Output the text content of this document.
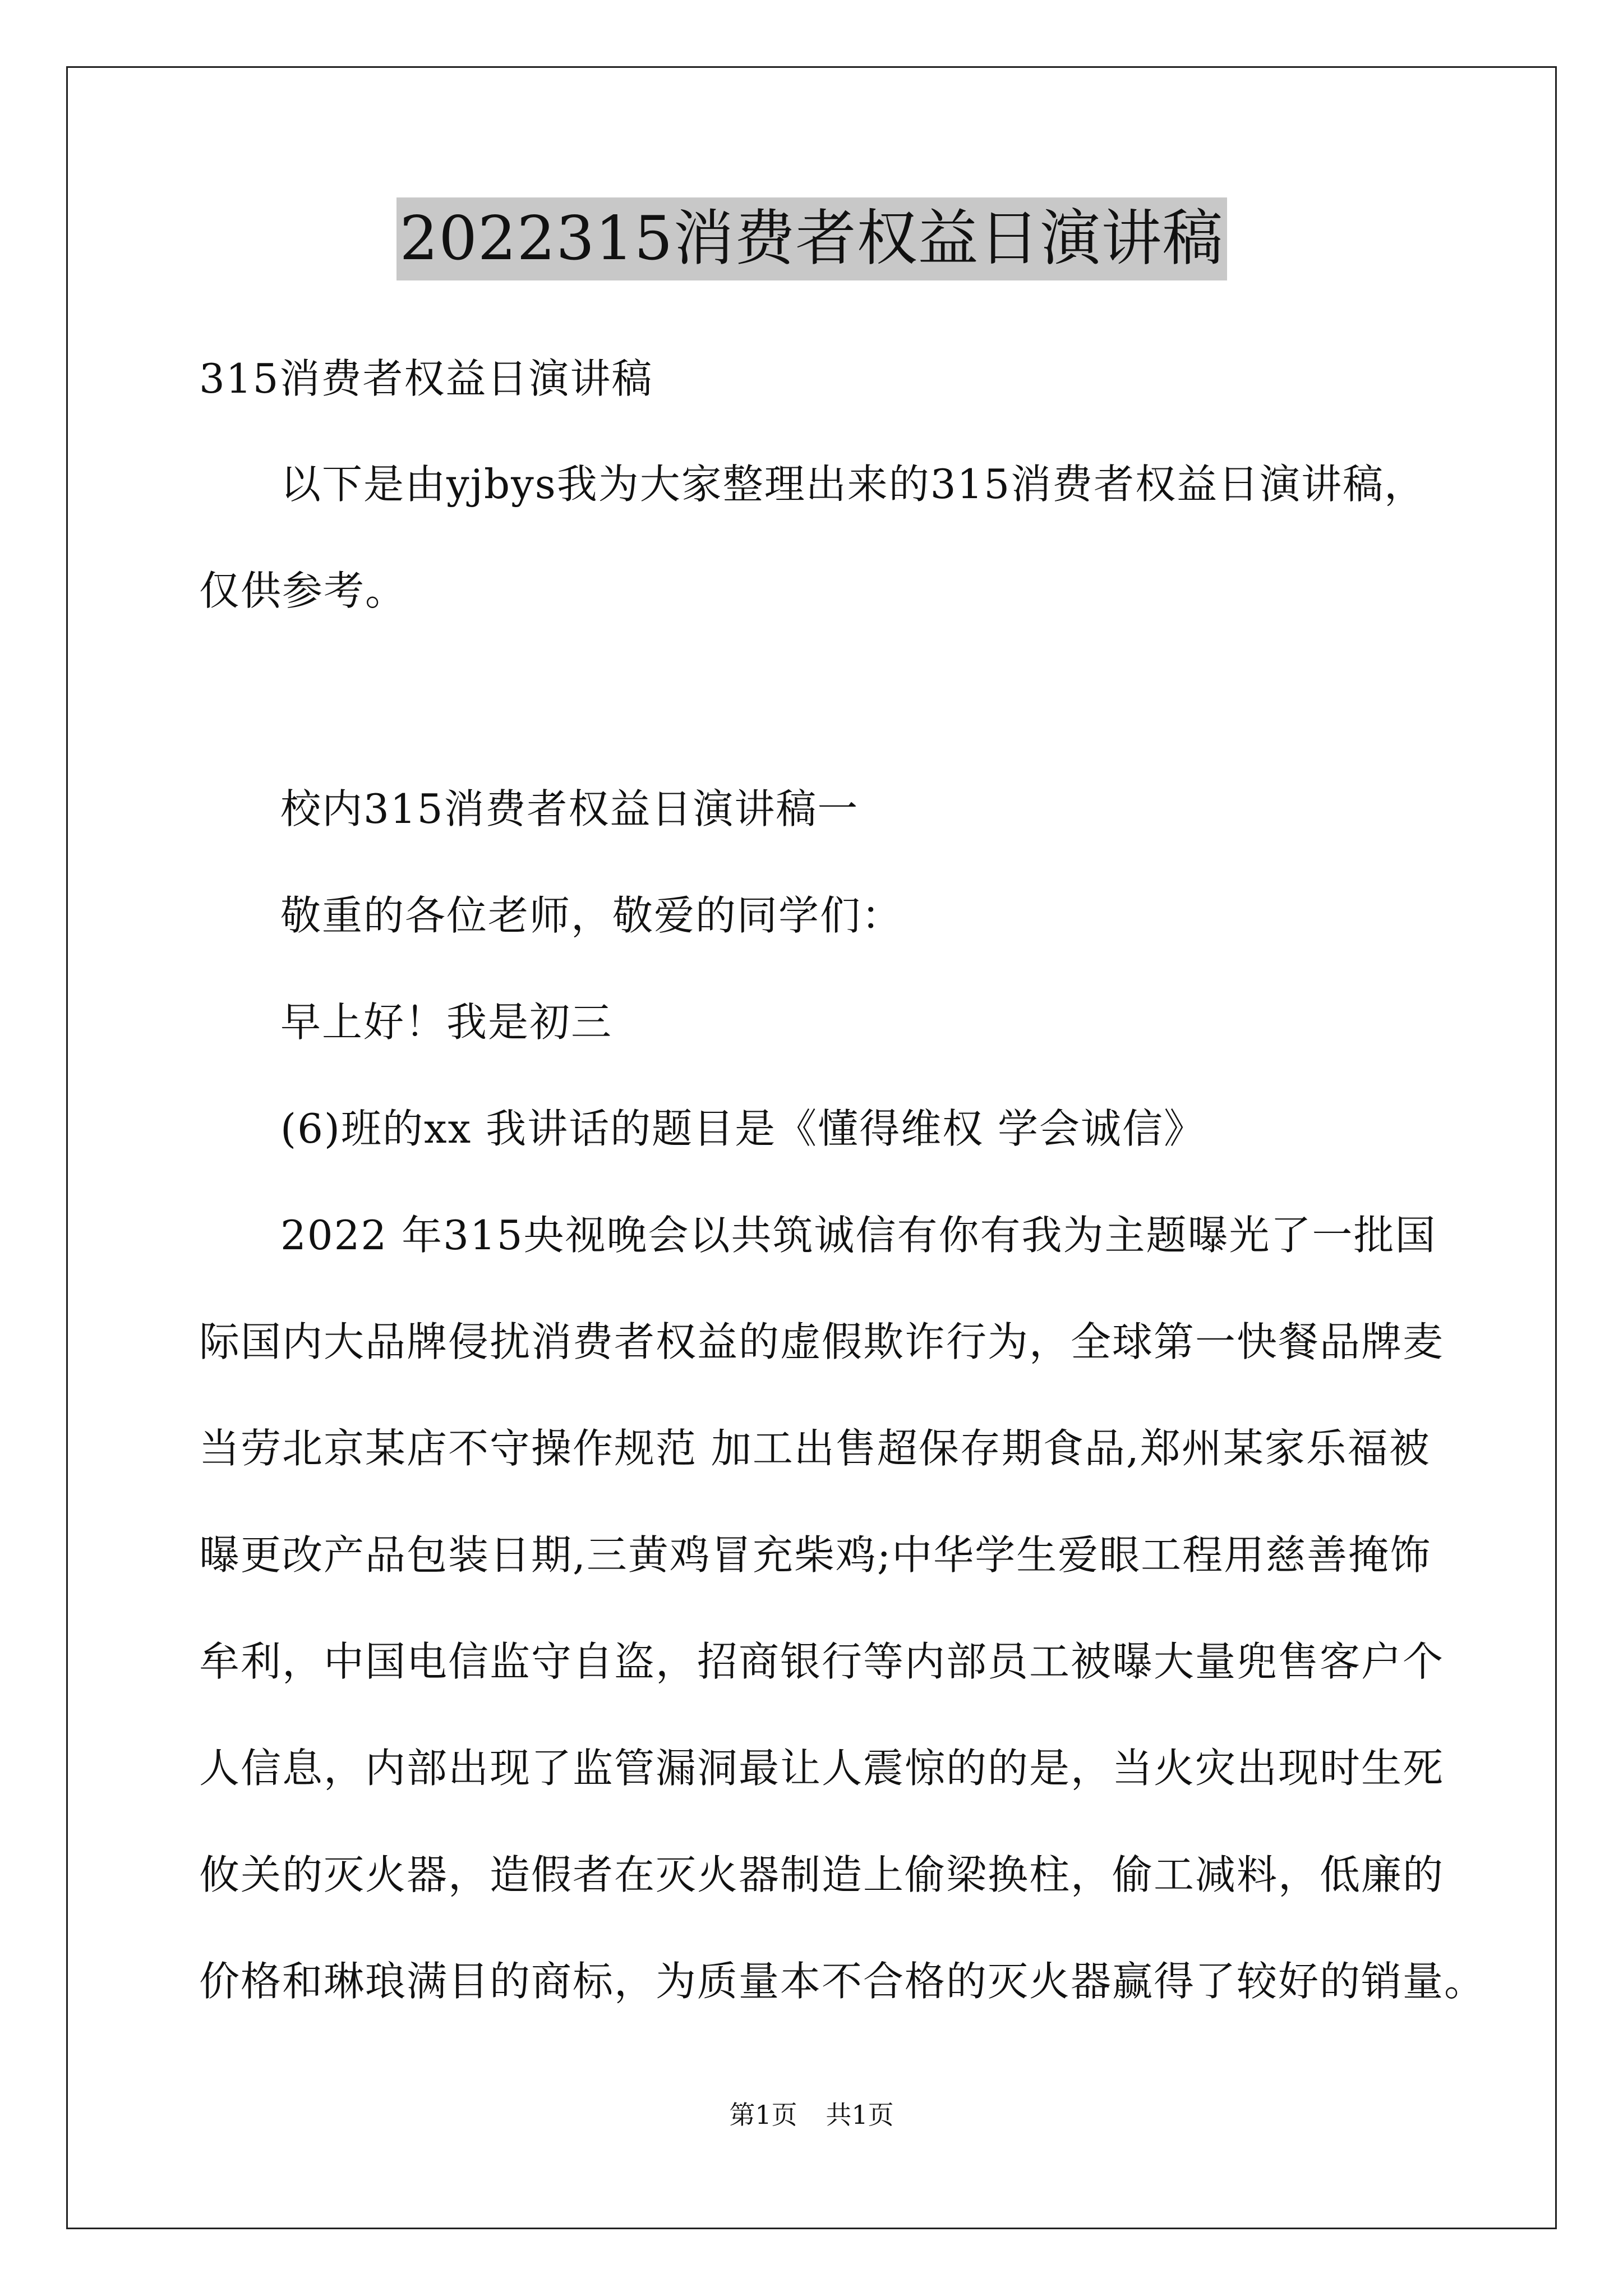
2022315消费者权益日演讲稿
315消费者权益日演讲稿
以下是由yjbys我为大家整理出来的315消费者权益日演讲稿，
仅供参考。
校内315消费者权益日演讲稿一
敬重的各位老师，敬爱的同学们：
早上好！我是初三
(6)班的xx 我讲话的题目是《懂得维权 学会诚信》
2022 年315央视晚会以共筑诚信有你有我为主题曝光了一批国
际国内大品牌侵扰消费者权益的虚假欺诈行为，全球第一快餐品牌麦
当劳北京某店不守操作规范 加工出售超保存期食品,郑州某家乐福被
曝更改产品包装日期,三黄鸡冒充柴鸡;中华学生爱眼工程用慈善掩饰
牟利，中国电信监守自盗，招商银行等内部员工被曝大量兜售客户个
人信息，内部出现了监管漏洞最让人震惊的的是，当火灾出现时生死
攸关的灭火器，造假者在灭火器制造上偷梁换柱，偷工减料，低廉的
价格和琳琅满目的商标，为质量本不合格的灭火器赢得了较好的销量。
第1页 共1页
